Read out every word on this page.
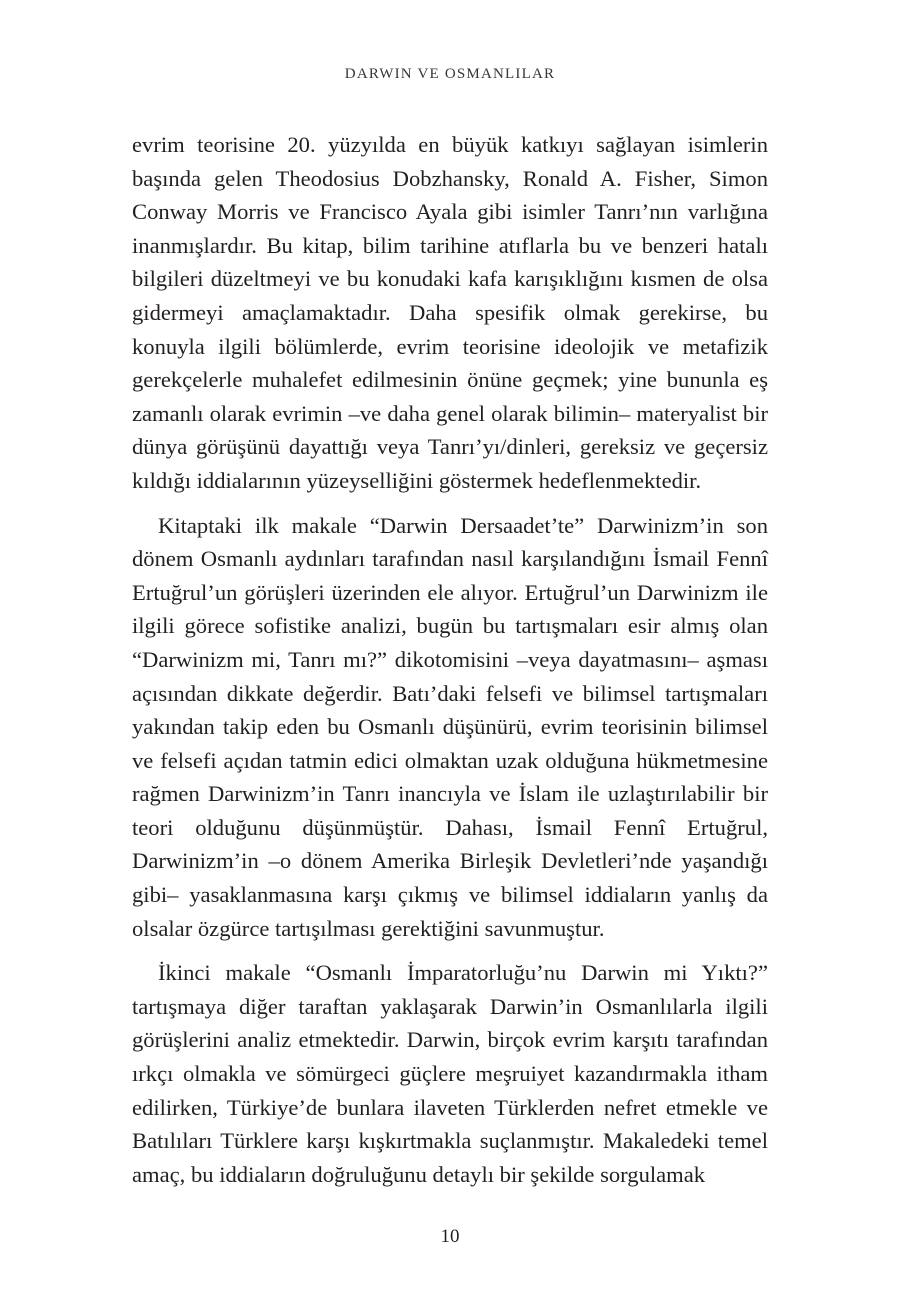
DARWIN VE OSMANLILAR

evrim teorisine 20. yüzyılda en büyük katkıyı sağlayan isimlerin başında gelen Theodosius Dobzhansky, Ronald A. Fisher, Simon Conway Morris ve Francisco Ayala gibi isimler Tanrı’nın varlığına inanmışlardır. Bu kitap, bilim tarihine atıflarla bu ve benzeri hatalı bilgileri düzeltmeyi ve bu konudaki kafa karışıklığını kısmen de olsa gidermeyi amaçlamaktadır. Daha spesifik olmak gerekirse, bu konuyla ilgili bölümlerde, evrim teorisine ideolojik ve metafizik gerekçelerle muhalefet edilmesinin önüne geçmek; yine bununla eş zamanlı olarak evrimin –ve daha genel olarak bilimin– materyalist bir dünya görüşünü dayattığı veya Tanrı’yı/dinleri, gereksiz ve geçersiz kıldığı iddialarının yüzeyselliğini göstermek hedeflenmektedir.

Kitaptaki ilk makale “Darwin Dersaadet’te” Darwinizm’in son dönem Osmanlı aydınları tarafından nasıl karşılandığını İsmail Fennî Ertuğrul’un görüşleri üzerinden ele alıyor. Ertuğrul’un Darwinizm ile ilgili görece sofistike analizi, bugün bu tartışmaları esir almış olan “Darwinizm mi, Tanrı mı?” dikotomisini –veya dayatmasını– aşması açısından dikkate değerdir. Batı’daki felsefi ve bilimsel tartışmaları yakından takip eden bu Osmanlı düşünürü, evrim teorisinin bilimsel ve felsefi açıdan tatmin edici olmaktan uzak olduğuna hükmetmesine rağmen Darwinizm’in Tanrı inancıyla ve İslam ile uzlaştırılabilir bir teori olduğunu düşünmüştür. Dahası, İsmail Fennî Ertuğrul, Darwinizm’in –o dönem Amerika Birleşik Devletleri’nde yaşandığı gibi– yasaklanmasına karşı çıkmış ve bilimsel iddiaların yanlış da olsalar özgürce tartışılması gerektiğini savunmuştur.

İkinci makale “Osmanlı İmparatorluğu’nu Darwin mi Yıktı?” tartışmaya diğer taraftan yaklaşarak Darwin’in Osmanlılarla ilgili görüşlerini analiz etmektedir. Darwin, birçok evrim karşıtı tarafından ırkçı olmakla ve sömürgeci güçlere meşruiyet kazandırmakla itham edilirken, Türkiye’de bunlara ilaveten Türklerden nefret etmekle ve Batılıları Türklere karşı kışkırtmakla suçlanmıştır. Makaledeki temel amaç, bu iddiaların doğruluğunu detaylı bir şekilde sorgulamak

10
